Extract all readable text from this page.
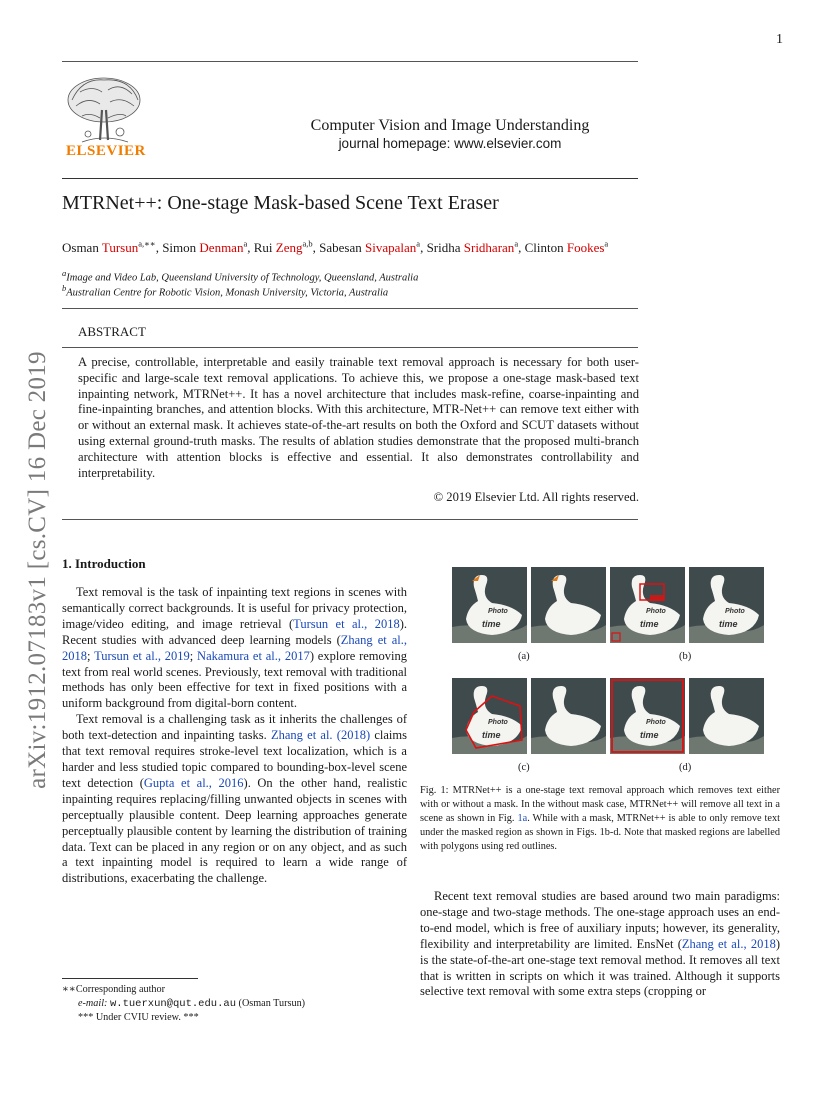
1
arXiv:1912.07183v1 [cs.CV] 16 Dec 2019
ELSEVIER
Computer Vision and Image Understanding
journal homepage: www.elsevier.com
MTRNet++: One-stage Mask-based Scene Text Eraser
Osman Tursun$^{a,∗∗}$, Simon Denman$^a$, Rui Zeng$^{a,b}$, Sabesan Sivapalan$^a$, Sridha Sridharan$^a$, Clinton Fookes$^a$
$^a$Image and Video Lab, Queensland University of Technology, Queensland, Australia
$^b$Australian Centre for Robotic Vision, Monash University, Victoria, Australia
ABSTRACT
A precise, controllable, interpretable and easily trainable text removal approach is necessary for both user-specific and large-scale text removal applications. To achieve this, we propose a one-stage mask-based text inpainting network, MTRNet++. It has a novel architecture that includes mask-refine, coarse-inpainting and fine-inpainting branches, and attention blocks. With this architecture, MTR-Net++ can remove text either with or without an external mask. It achieves state-of-the-art results on both the Oxford and SCUT datasets without using external ground-truth masks. The results of ablation studies demonstrate that the proposed multi-branch architecture with attention blocks is effective and essential. It also demonstrates controllability and interpretability.
© 2019 Elsevier Ltd. All rights reserved.
1. Introduction

Text removal is the task of inpainting text regions in scenes with semantically correct backgrounds. It is useful for privacy protection, image/video editing, and image retrieval (Tursun et al., 2018). Recent studies with advanced deep learning models (Zhang et al., 2018; Tursun et al., 2019; Nakamura et al., 2017) explore removing text from real world scenes. Previously, text removal with traditional methods has only been effective for text in fixed positions with a uniform background from digital-born content.

Text removal is a challenging task as it inherits the challenges of both text-detection and inpainting tasks. Zhang et al. (2018) claims that text removal requires stroke-level text localization, which is a harder and less studied topic compared to bounding-box-level scene text detection (Gupta et al., 2016). On the other hand, realistic inpainting requires replacing/filling unwanted objects in scenes with perceptually plausible content. Deep learning approaches generate perceptually plausible content by learning the distribution of training data. Text can be placed in any region or on any object, and as such a text inpainting model is required to learn a wide range of distributions, exacerbating the challenge.

∗∗Corresponding author
e-mail: w.tuerxun@qut.edu.au (Osman Tursun)
*** Under CVIU review. ***
Photo
time
Photo
time
Photo
time
(a)	(b)
Photo
time
Photo
time
(c)	(d)
Fig. 1: MTRNet++ is a one-stage text removal approach which removes text either with or without a mask. In the without mask case, MTRNet++ will remove all text in a scene as shown in Fig. 1a. While with a mask, MTRNet++ is able to only remove text under the masked region as shown in Figs. 1b-d. Note that masked regions are labelled with polygons using red outlines.

Recent text removal studies are based around two main paradigms: one-stage and two-stage methods. The one-stage approach uses an end-to-end model, which is free of auxiliary inputs; however, its generality, flexibility and interpretability are limited. EnsNet (Zhang et al., 2018) is the state-of-the-art one-stage text removal method. It removes all text that is written in scripts on which it was trained. Although it supports selective text removal with some extra steps (cropping or
